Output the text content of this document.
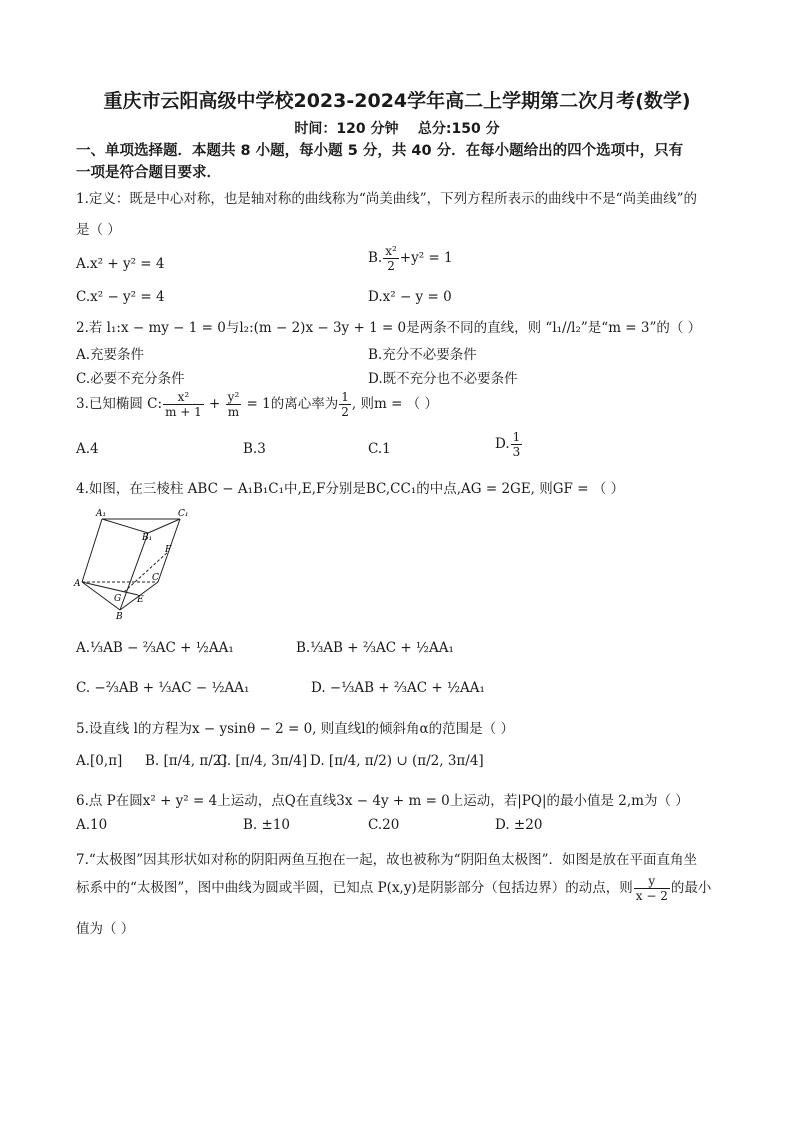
重庆市云阳高级中学校2023-2024学年高二上学期第二次月考(数学)
时间：120 分钟    总分:150 分
一、单项选择题．本题共 8 小题，每小题 5 分，共 40 分．在每小题给出的四个选项中，只有
一项是符合题目要求．
1.定义：既是中心对称，也是轴对称的曲线称为“尚美曲线”，下列方程所表示的曲线中不是“尚美曲线”的
是（ ）
A.x² + y² = 4	B. $\frac{\text{x²}}{2} +y^2 = 1$
C.x² − y² = 4	D.x² − y = 0
2.若 l₁:x − my − 1 = 0与l₂:(m − 2)x − 3y + 1 = 0是两条不同的直线，则 “l₁//l₂”是“m = 3”的（ ）
A.充要条件	B.充分不必要条件
C.必要不充分条件	D.既不充分也不必要条件
3.已知椭圆 C: $\frac{\text{x²}}{m + 1} + \frac{\text{y²}}{m} = 1$的离心率为 $\frac{1}{2}$ , 则m = （ ）
A.4	B.3	C.1	D. $\frac{1}{3}$
4.如图，在三棱柱 ABC − A₁B₁C₁中,E,F分别是BC,CC₁的中点,AG = 2GE, 则GF = （ ）
A₁	C₁
B₁
F
A
C
G E
B
A.⅓AB − ⅔AC + ½AA₁	B.⅓AB + ⅔AC + ½AA₁
C. −⅔AB + ⅓AC − ½AA₁	D. −⅓AB + ⅔AC + ½AA₁
5.设直线 l的方程为x − ysinθ − 2 = 0, 则直线l的倾斜角α的范围是（ ）
A.[0,π] B. [π/4, π/2]
C. [π/4, 3π/4] D. [π/4, π/2) ∪ (π/2, 3π/4]
6.点 P在圆x² + y² = 4上运动，点Q在直线3x − 4y + m = 0上运动，若|PQ|的最小值是 2,m为（ ）
A.10	B. ±10	C.20	D. ±20
7.“太极图”因其形状如对称的阴阳两鱼互抱在一起，故也被称为“阴阳鱼太极图”．如图是放在平面直角坐
标系中的“太极图”，图中曲线为圆或半圆，已知点 P(x,y)是阴影部分（包括边界）的动点，则 $\frac{y}{x - 2}$ 的最小
值为（ ）
